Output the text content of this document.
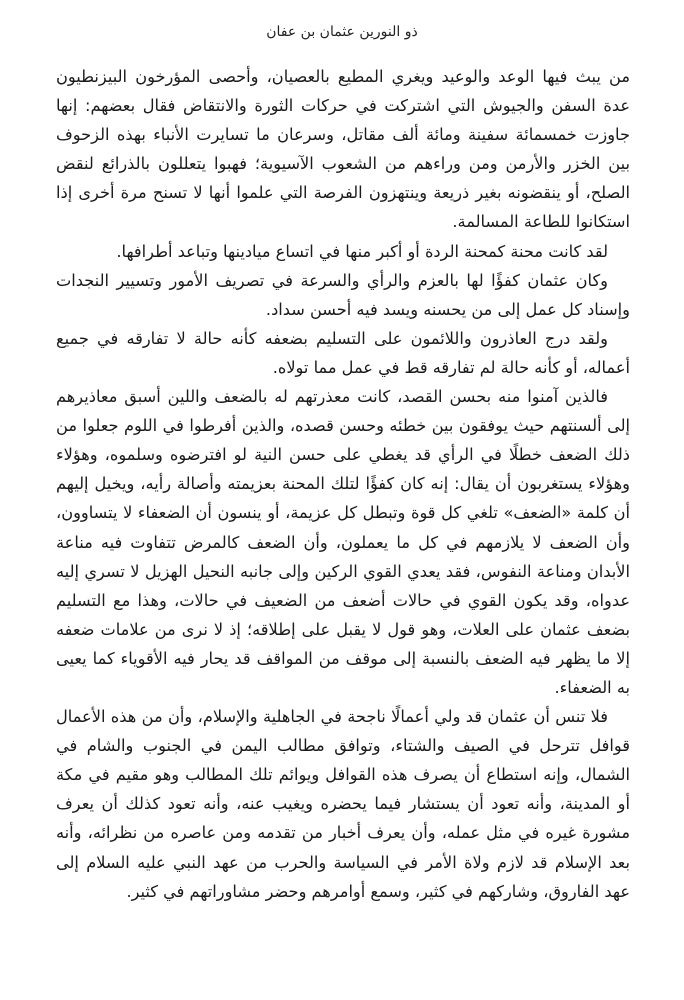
ذو النورين عثمان بن عفان

من يبث فيها الوعد والوعيد ويغري المطيع بالعصيان، وأحصى المؤرخون البيزنطيون عدة السفن والجيوش التي اشتركت في حركات الثورة والانتقاض فقال بعضهم: إنها جاوزت خمسمائة سفينة ومائة ألف مقاتل، وسرعان ما تسايرت الأنباء بهذه الزحوف بين الخزر والأرمن ومن وراءهم من الشعوب الآسيوية؛ فهبوا يتعللون بالذرائع لنقض الصلح، أو ينقضونه بغير ذريعة وينتهزون الفرصة التي علموا أنها لا تسنح مرة أخرى إذا استكانوا للطاعة المسالمة.

لقد كانت محنة كمحنة الردة أو أكبر منها في اتساع ميادينها وتباعد أطرافها.

وكان عثمان كفؤًا لها بالعزم والرأي والسرعة في تصريف الأمور وتسيير النجدات وإسناد كل عمل إلى من يحسنه ويسد فيه أحسن سداد.

ولقد درج العاذرون واللائمون على التسليم بضعفه كأنه حالة لا تفارقه في جميع أعماله، أو كأنه حالة لم تفارقه قط في عمل مما تولاه.

فالذين آمنوا منه بحسن القصد، كانت معذرتهم له بالضعف واللين أسبق معاذيرهم إلى ألسنتهم حيث يوفقون بين خطئه وحسن قصده، والذين أفرطوا في اللوم جعلوا من ذلك الضعف خطلًا في الرأي قد يغطي على حسن النية لو افترضوه وسلموه، وهؤلاء وهؤلاء يستغربون أن يقال: إنه كان كفؤًا لتلك المحنة بعزيمته وأصالة رأيه، ويخيل إليهم أن كلمة «الضعف» تلغي كل قوة وتبطل كل عزيمة، أو ينسون أن الضعفاء لا يتساوون، وأن الضعف لا يلازمهم في كل ما يعملون، وأن الضعف كالمرض تتفاوت فيه مناعة الأبدان ومناعة النفوس، فقد يعدي القوي الركين وإلى جانبه النحيل الهزيل لا تسري إليه عدواه، وقد يكون القوي في حالات أضعف من الضعيف في حالات، وهذا مع التسليم بضعف عثمان على العلات، وهو قول لا يقبل على إطلاقه؛ إذ لا نرى من علامات ضعفه إلا ما يظهر فيه الضعف بالنسبة إلى موقف من المواقف قد يحار فيه الأقوياء كما يعيى به الضعفاء.

فلا تنس أن عثمان قد ولي أعمالًا ناجحة في الجاهلية والإسلام، وأن من هذه الأعمال قوافل تترحل في الصيف والشتاء، وتوافق مطالب اليمن في الجنوب والشام في الشمال، وإنه استطاع أن يصرف هذه القوافل ويوائم تلك المطالب وهو مقيم في مكة أو المدينة، وأنه تعود أن يستشار فيما يحضره ويغيب عنه، وأنه تعود كذلك أن يعرف مشورة غيره في مثل عمله، وأن يعرف أخبار من تقدمه ومن عاصره من نظرائه، وأنه بعد الإسلام قد لازم ولاة الأمر في السياسة والحرب من عهد النبي عليه السلام إلى عهد الفاروق، وشاركهم في كثير، وسمع أوامرهم وحضر مشاوراتهم في كثير.
